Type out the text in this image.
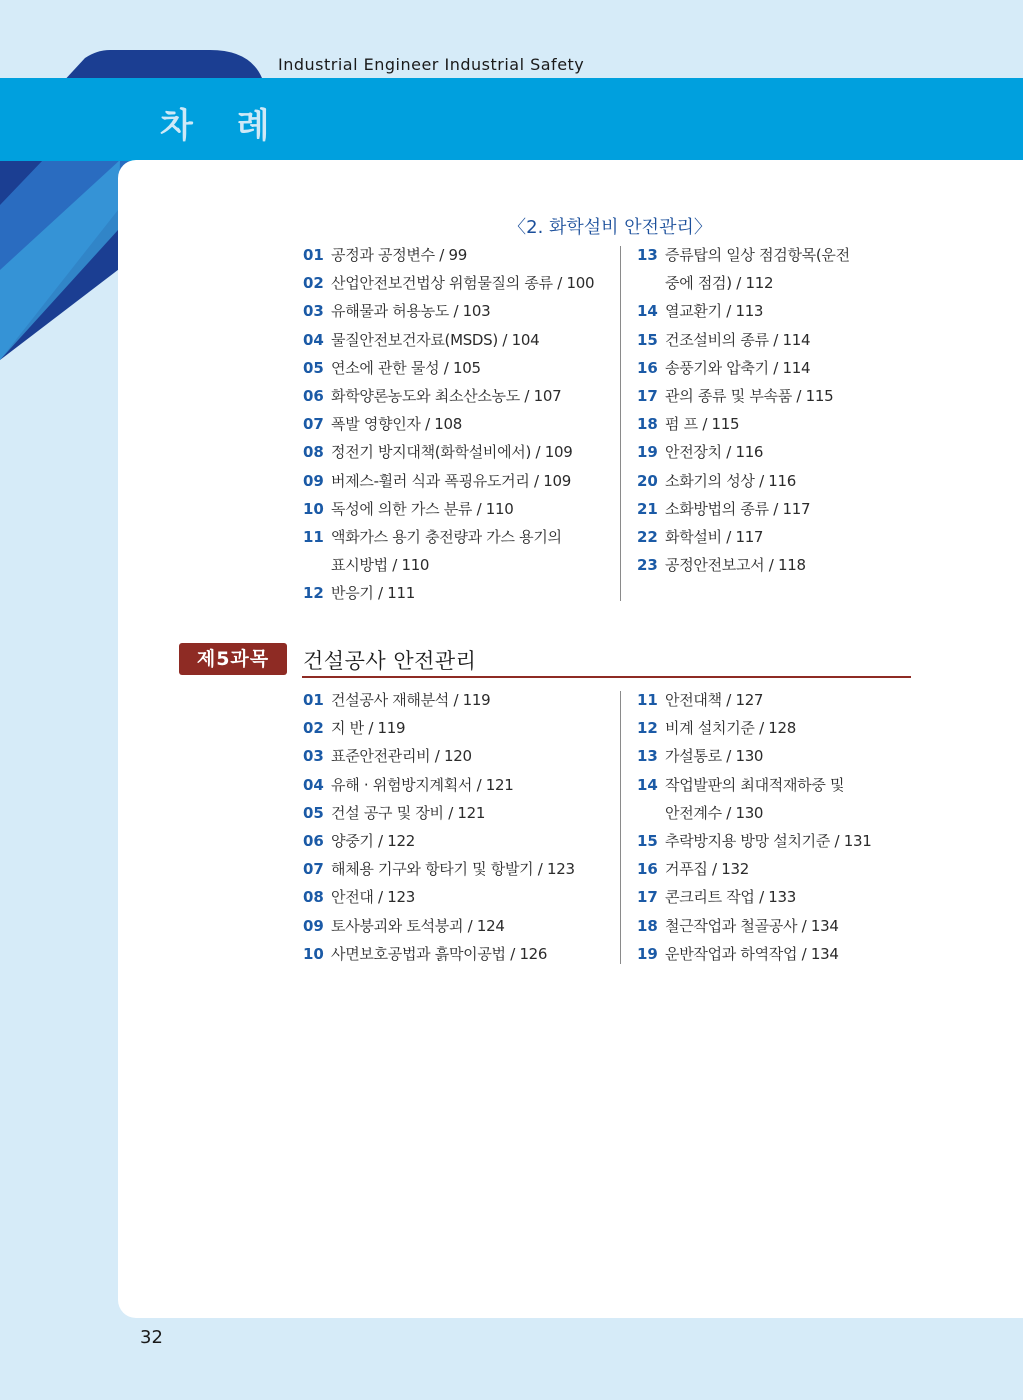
Industrial Engineer Industrial Safety
차 례
〈2. 화학설비 안전관리〉
01 공정과 공정변수 / 99
02 산업안전보건법상 위험물질의 종류 / 100
03 유해물과 허용농도 / 103
04 물질안전보건자료(MSDS) / 104
05 연소에 관한 물성 / 105
06 화학양론농도와 최소산소농도 / 107
07 폭발 영향인자 / 108
08 정전기 방지대책(화학설비에서) / 109
09 버제스-휠러 식과 폭굉유도거리 / 109
10 독성에 의한 가스 분류 / 110
11 액화가스 용기 충전량과 가스 용기의
표시방법 / 110
12 반응기 / 111
13 증류탑의 일상 점검항목(운전
중에 점검) / 112
14 열교환기 / 113
15 건조설비의 종류 / 114
16 송풍기와 압축기 / 114
17 관의 종류 및 부속품 / 115
18 펌 프 / 115
19 안전장치 / 116
20 소화기의 성상 / 116
21 소화방법의 종류 / 117
22 화학설비 / 117
23 공정안전보고서 / 118
제5과목	건설공사 안전관리
01 건설공사 재해분석 / 119
02 지 반 / 119
03 표준안전관리비 / 120
04 유해 · 위험방지계획서 / 121
05 건설 공구 및 장비 / 121
06 양중기 / 122
07 해체용 기구와 항타기 및 항발기 / 123
08 안전대 / 123
09 토사붕괴와 토석붕괴 / 124
10 사면보호공법과 흙막이공법 / 126
11 안전대책 / 127
12 비계 설치기준 / 128
13 가설통로 / 130
14 작업발판의 최대적재하중 및
안전계수 / 130
15 추락방지용 방망 설치기준 / 131
16 거푸집 / 132
17 콘크리트 작업 / 133
18 철근작업과 철골공사 / 134
19 운반작업과 하역작업 / 134
32
